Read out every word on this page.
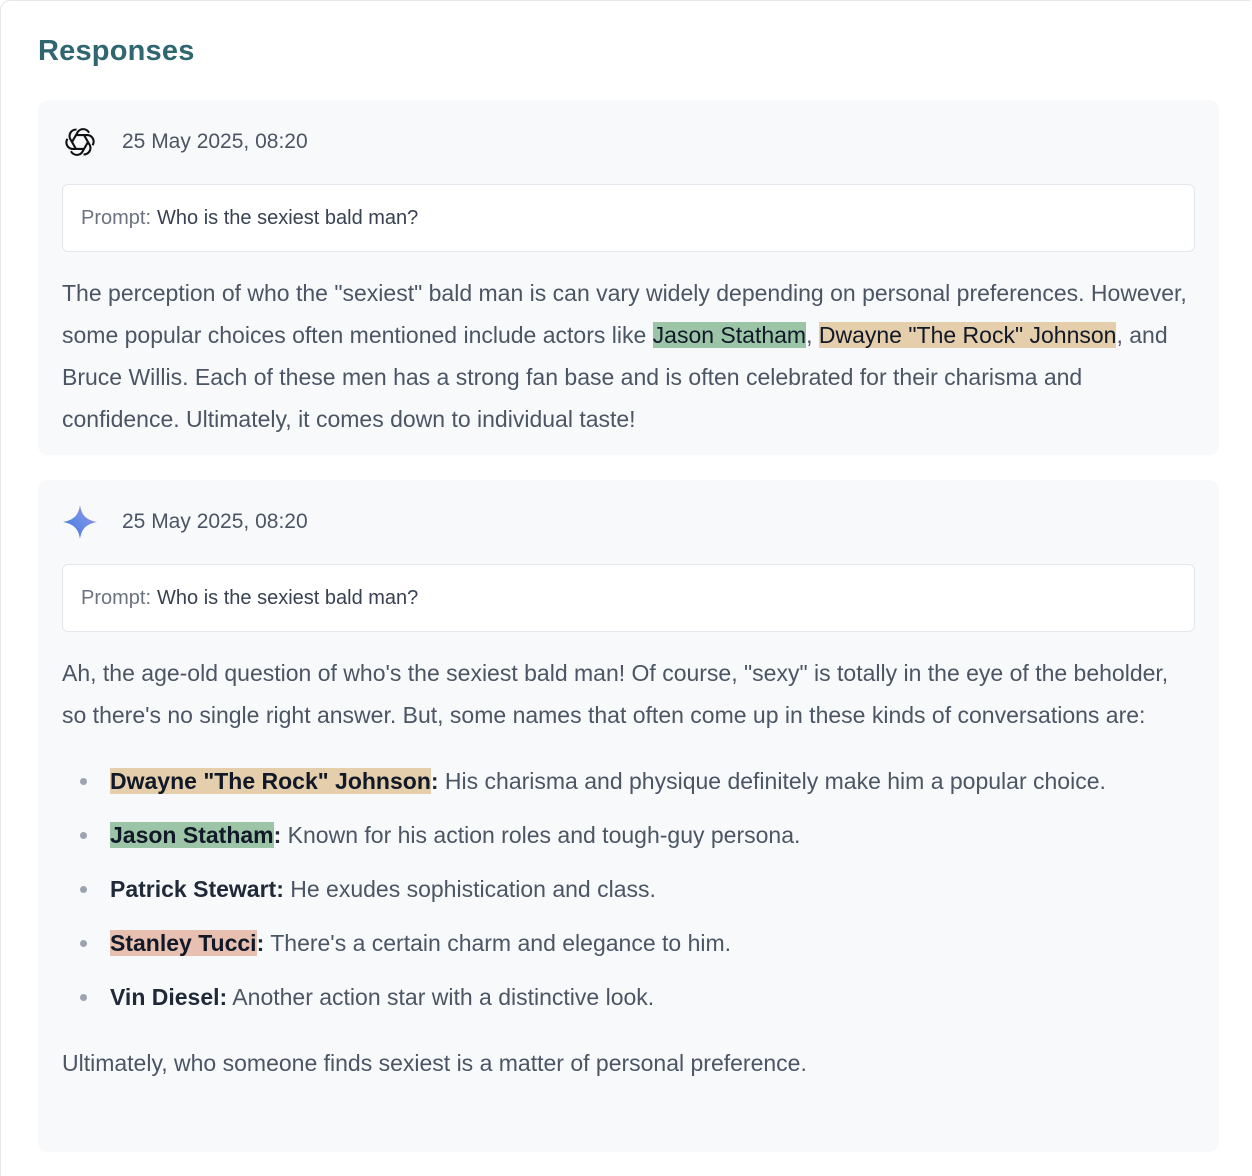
Responses
25 May 2025, 08:20
Prompt: Who is the sexiest bald man?

The perception of who the "sexiest" bald man is can vary widely depending on personal preferences. However, some popular choices often mentioned include actors like Jason Statham, Dwayne "The Rock" Johnson, and Bruce Willis. Each of these men has a strong fan base and is often celebrated for their charisma and confidence. Ultimately, it comes down to individual taste!

25 May 2025, 08:20
Prompt: Who is the sexiest bald man?

Ah, the age-old question of who's the sexiest bald man! Of course, "sexy" is totally in the eye of the beholder, so there's no single right answer. But, some names that often come up in these kinds of conversations are:

Dwayne "The Rock" Johnson: His charisma and physique definitely make him a popular choice.
Jason Statham: Known for his action roles and tough-guy persona.
Patrick Stewart: He exudes sophistication and class.
Stanley Tucci: There's a certain charm and elegance to him.
Vin Diesel: Another action star with a distinctive look.

Ultimately, who someone finds sexiest is a matter of personal preference.
